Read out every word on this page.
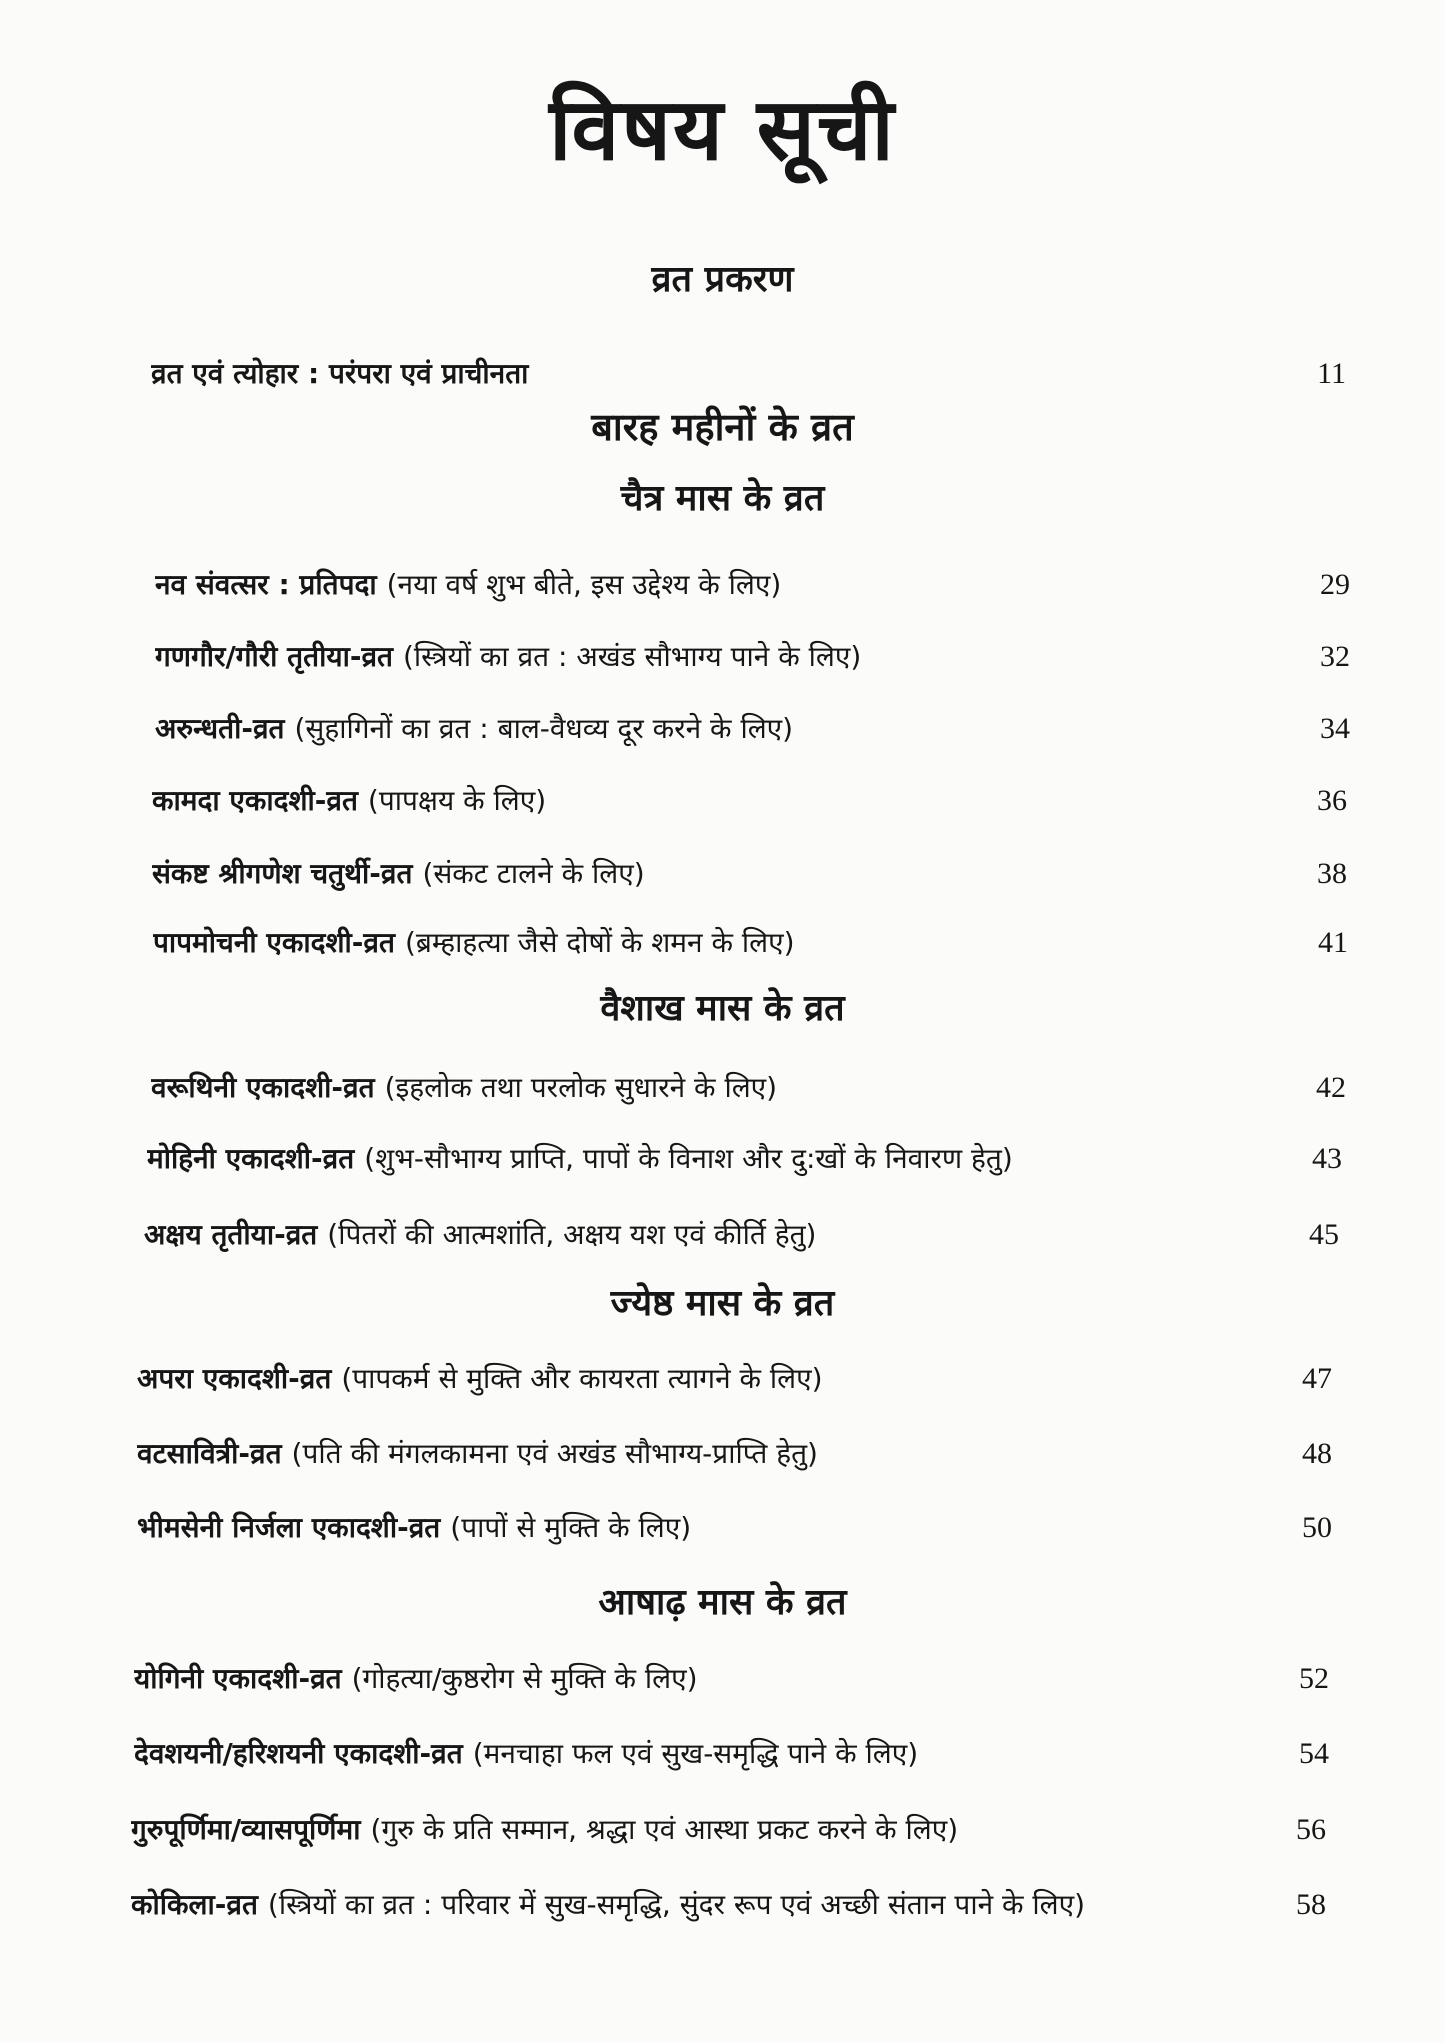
विषय सूची
व्रत प्रकरण
व्रत एवं त्योहार : परंपरा एवं प्राचीनता	11
बारह महीनों के व्रत
चैत्र मास के व्रत
नव संवत्सर : प्रतिपदा (नया वर्ष शुभ बीते, इस उद्देश्य के लिए)	29
गणगौर/गौरी तृतीया-व्रत (स्त्रियों का व्रत : अखंड सौभाग्य पाने के लिए)	32
अरुन्धती-व्रत (सुहागिनों का व्रत : बाल-वैधव्य दूर करने के लिए)	34
कामदा एकादशी-व्रत (पापक्षय के लिए)	36
संकष्ट श्रीगणेश चतुर्थी-व्रत (संकट टालने के लिए)	38
पापमोचनी एकादशी-व्रत (ब्रम्हाहत्या जैसे दोषों के शमन के लिए)	41
वैशाख मास के व्रत
वरूथिनी एकादशी-व्रत (इहलोक तथा परलोक सुधारने के लिए)	42
मोहिनी एकादशी-व्रत (शुभ-सौभाग्य प्राप्ति, पापों के विनाश और दु:खों के निवारण हेतु)	43
अक्षय तृतीया-व्रत (पितरों की आत्मशांति, अक्षय यश एवं कीर्ति हेतु)	45
ज्येष्ठ मास के व्रत
अपरा एकादशी-व्रत (पापकर्म से मुक्ति और कायरता त्यागने के लिए)	47
वटसावित्री-व्रत (पति की मंगलकामना एवं अखंड सौभाग्य-प्राप्ति हेतु)	48
भीमसेनी निर्जला एकादशी-व्रत (पापों से मुक्ति के लिए)	50
आषाढ़ मास के व्रत
योगिनी एकादशी-व्रत (गोहत्या/कुष्ठरोग से मुक्ति के लिए)	52
देवशयनी/हरिशयनी एकादशी-व्रत (मनचाहा फल एवं सुख-समृद्धि पाने के लिए)	54
गुरुपूर्णिमा/व्यासपूर्णिमा (गुरु के प्रति सम्मान, श्रद्धा एवं आस्था प्रकट करने के लिए)	56
कोकिला-व्रत (स्त्रियों का व्रत : परिवार में सुख-समृद्धि, सुंदर रूप एवं अच्छी संतान पाने के लिए)	58
